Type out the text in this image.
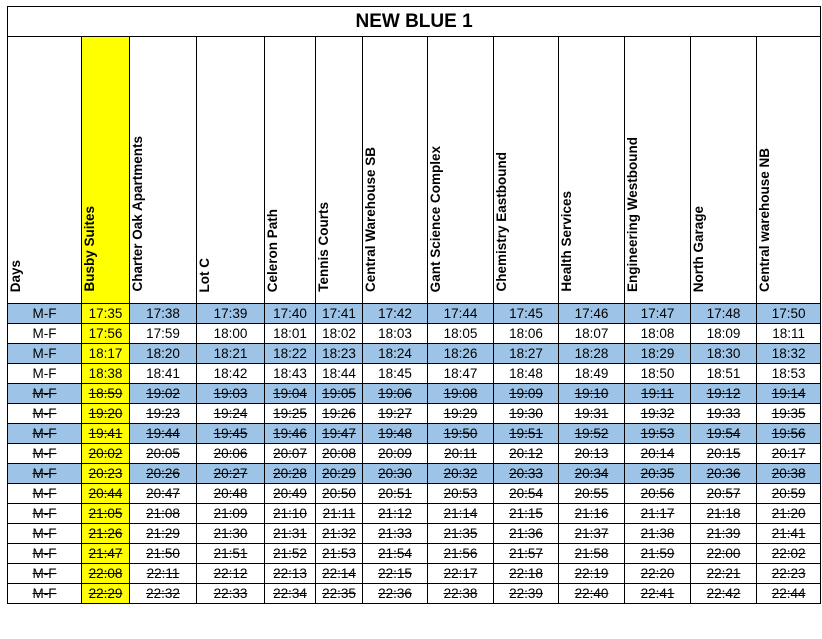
NEW BLUE 1												
Days	Busby Suites	Charter Oak Apartments	Lot C	Celeron Path	Tennis Courts	Central Warehouse SB	Gant Science Complex	Chemistry Eastbound	Health Services	Engineering Westbound	North Garage	Central warehouse NB
M-F	17:35	17:38	17:39	17:40	17:41	17:42	17:44	17:45	17:46	17:47	17:48	17:50
M-F	17:56	17:59	18:00	18:01	18:02	18:03	18:05	18:06	18:07	18:08	18:09	18:11
M-F	18:17	18:20	18:21	18:22	18:23	18:24	18:26	18:27	18:28	18:29	18:30	18:32
M-F	18:38	18:41	18:42	18:43	18:44	18:45	18:47	18:48	18:49	18:50	18:51	18:53
M-F	18:59	19:02	19:03	19:04	19:05	19:06	19:08	19:09	19:10	19:11	19:12	19:14
M-F	19:20	19:23	19:24	19:25	19:26	19:27	19:29	19:30	19:31	19:32	19:33	19:35
M-F	19:41	19:44	19:45	19:46	19:47	19:48	19:50	19:51	19:52	19:53	19:54	19:56
M-F	20:02	20:05	20:06	20:07	20:08	20:09	20:11	20:12	20:13	20:14	20:15	20:17
M-F	20:23	20:26	20:27	20:28	20:29	20:30	20:32	20:33	20:34	20:35	20:36	20:38
M-F	20:44	20:47	20:48	20:49	20:50	20:51	20:53	20:54	20:55	20:56	20:57	20:59
M-F	21:05	21:08	21:09	21:10	21:11	21:12	21:14	21:15	21:16	21:17	21:18	21:20
M-F	21:26	21:29	21:30	21:31	21:32	21:33	21:35	21:36	21:37	21:38	21:39	21:41
M-F	21:47	21:50	21:51	21:52	21:53	21:54	21:56	21:57	21:58	21:59	22:00	22:02
M-F	22:08	22:11	22:12	22:13	22:14	22:15	22:17	22:18	22:19	22:20	22:21	22:23
M-F	22:29	22:32	22:33	22:34	22:35	22:36	22:38	22:39	22:40	22:41	22:42	22:44
